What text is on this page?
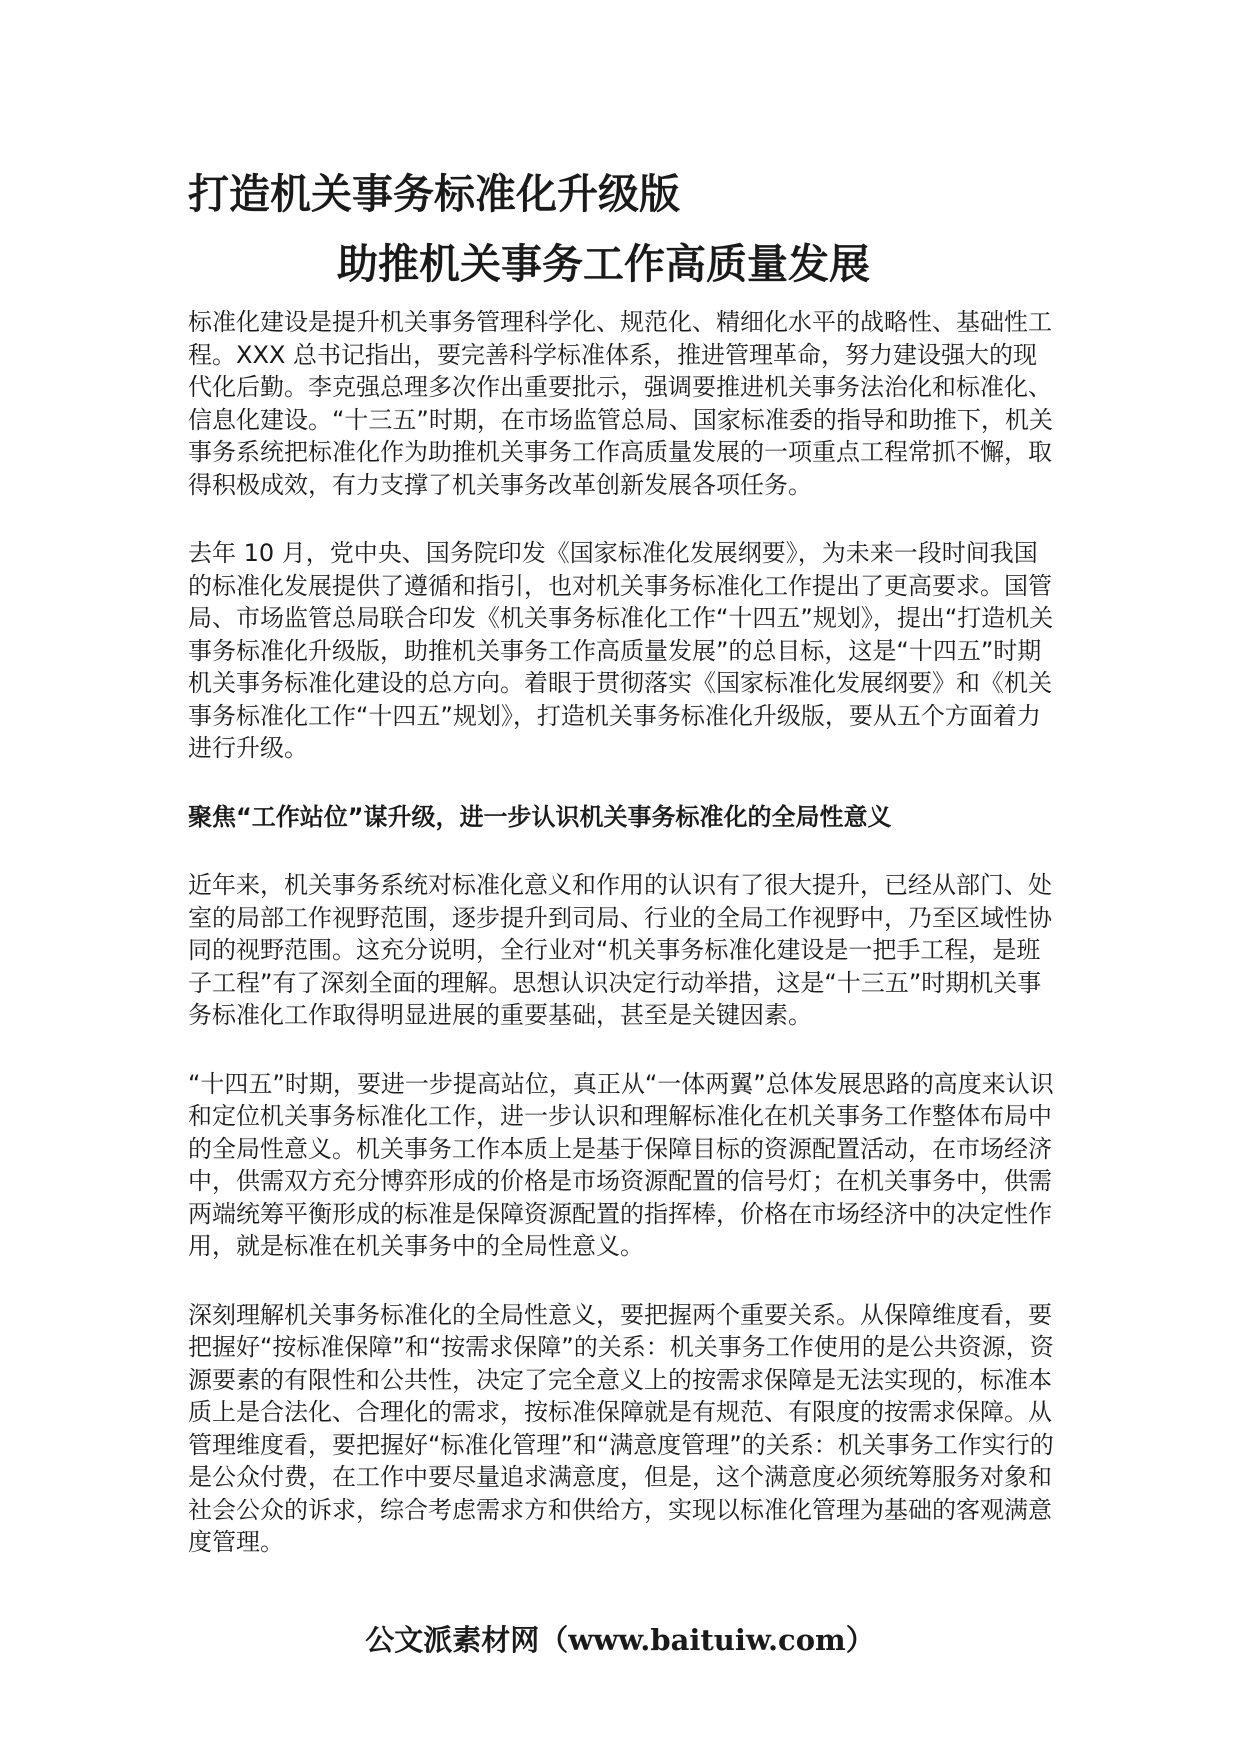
打造机关事务标准化升级版
助推机关事务工作高质量发展

标准化建设是提升机关事务管理科学化、规范化、精细化水平的战略性、基础性工程。XXX 总书记指出，要完善科学标准体系，推进管理革命，努力建设强大的现代化后勤。李克强总理多次作出重要批示，强调要推进机关事务法治化和标准化、信息化建设。“十三五”时期，在市场监管总局、国家标准委的指导和助推下，机关事务系统把标准化作为助推机关事务工作高质量发展的一项重点工程常抓不懈，取得积极成效，有力支撑了机关事务改革创新发展各项任务。

去年 10 月，党中央、国务院印发《国家标准化发展纲要》，为未来一段时间我国的标准化发展提供了遵循和指引，也对机关事务标准化工作提出了更高要求。国管局、市场监管总局联合印发《机关事务标准化工作“十四五”规划》，提出“打造机关事务标准化升级版，助推机关事务工作高质量发展”的总目标，这是“十四五”时期机关事务标准化建设的总方向。着眼于贯彻落实《国家标准化发展纲要》和《机关事务标准化工作“十四五”规划》，打造机关事务标准化升级版，要从五个方面着力进行升级。

聚焦“工作站位”谋升级，进一步认识机关事务标准化的全局性意义

近年来，机关事务系统对标准化意义和作用的认识有了很大提升，已经从部门、处室的局部工作视野范围，逐步提升到司局、行业的全局工作视野中，乃至区域性协同的视野范围。这充分说明，全行业对“机关事务标准化建设是一把手工程，是班子工程”有了深刻全面的理解。思想认识决定行动举措，这是“十三五”时期机关事务标准化工作取得明显进展的重要基础，甚至是关键因素。

“十四五”时期，要进一步提高站位，真正从“一体两翼”总体发展思路的高度来认识和定位机关事务标准化工作，进一步认识和理解标准化在机关事务工作整体布局中的全局性意义。机关事务工作本质上是基于保障目标的资源配置活动，在市场经济中，供需双方充分博弈形成的价格是市场资源配置的信号灯；在机关事务中，供需两端统筹平衡形成的标准是保障资源配置的指挥棒，价格在市场经济中的决定性作用，就是标准在机关事务中的全局性意义。

深刻理解机关事务标准化的全局性意义，要把握两个重要关系。从保障维度看，要把握好“按标准保障”和“按需求保障”的关系：机关事务工作使用的是公共资源，资源要素的有限性和公共性，决定了完全意义上的按需求保障是无法实现的，标准本质上是合法化、合理化的需求，按标准保障就是有规范、有限度的按需求保障。从管理维度看，要把握好“标准化管理”和“满意度管理”的关系：机关事务工作实行的是公众付费，在工作中要尽量追求满意度，但是，这个满意度必须统筹服务对象和社会公众的诉求，综合考虑需求方和供给方，实现以标准化管理为基础的客观满意度管理。

公文派素材网（www.baituiw.com）
